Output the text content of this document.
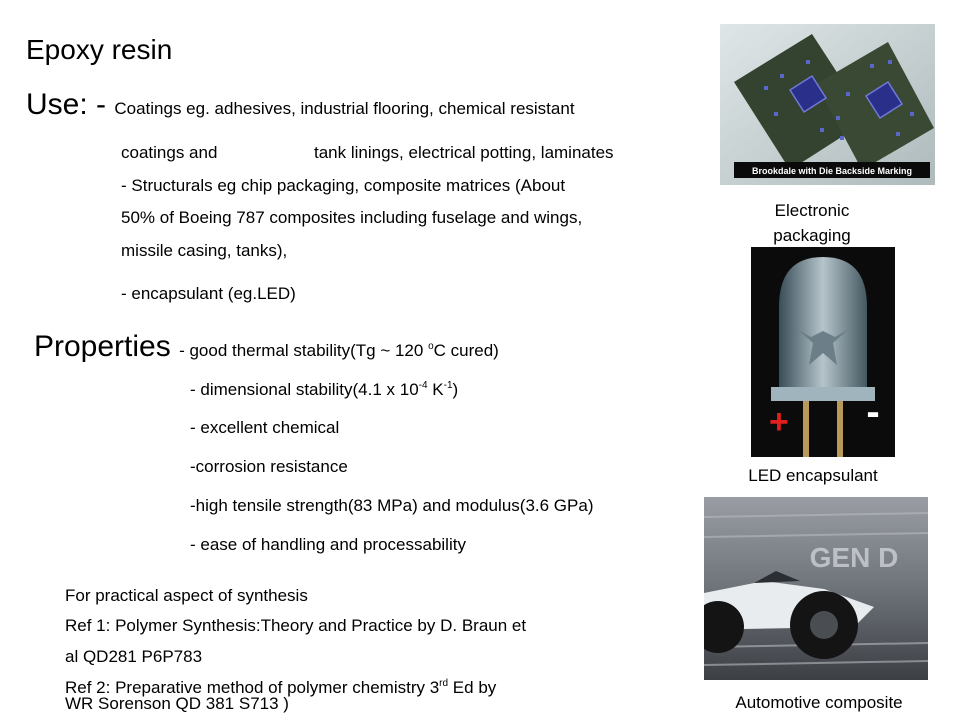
Epoxy resin
Use: - Coatings eg. adhesives, industrial flooring, chemical resistant
coatings and	tank linings, electrical potting, laminates
- Structurals eg chip packaging, composite matrices (About
50% of Boeing 787 composites including fuselage and wings,
missile casing, tanks),
- encapsulant (eg.LED)
Properties - good thermal stability(Tg ~ 120 $^o$C cured)
- dimensional stability(4.1 x $10^{-4}$ $K^{-1}$)
- excellent chemical
-corrosion resistance
-high tensile strength(83 MPa) and modulus(3.6 GPa)
- ease of handling and processability
For practical aspect of synthesis
Ref 1: Polymer Synthesis:Theory and Practice by D. Braun et
al QD281 P6P783
Ref 2: Preparative method of polymer chemistry 3rd Ed by
WR Sorenson QD 381 S713 )
Brookdale with Die Backside Marking
Electronic
packaging
+ -
LED encapsulant
GEN D
Automotive composite
